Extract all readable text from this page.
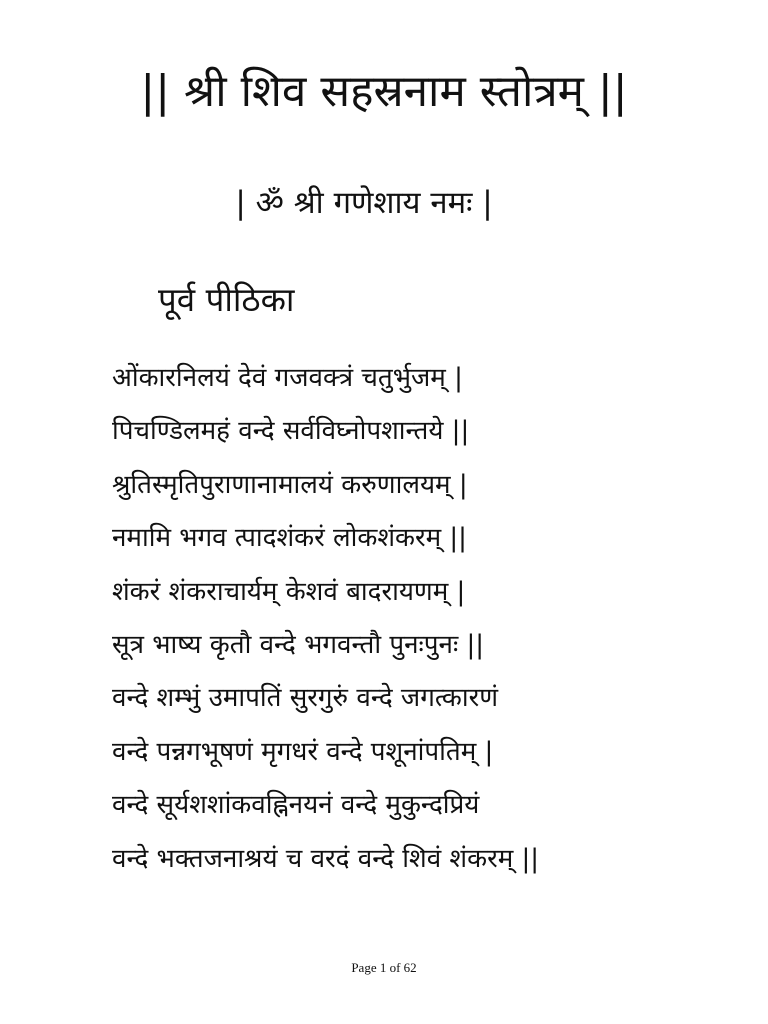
|| श्री शिव सहस्रनाम स्तोत्रम् ||
| ॐ श्री गणेशाय नमः |
पूर्व पीठिका
ओंकारनिलयं देवं गजवक्त्रं चतुर्भुजम् |
पिचण्डिलमहं वन्दे सर्वविघ्नोपशान्तये ||
श्रुतिस्मृतिपुराणानामालयं करुणालयम् |
नमामि भगव त्पादशंकरं लोकशंकरम् ||
शंकरं शंकराचार्यम् केशवं बादरायणम् |
सूत्र भाष्य कृतौ वन्दे भगवन्तौ पुनःपुनः ||
वन्दे शम्भुं उमापतिं सुरगुरुं वन्दे जगत्कारणं
वन्दे पन्नगभूषणं मृगधरं वन्दे पशूनांपतिम् |
वन्दे सूर्यशशांकवह्निनयनं वन्दे मुकुन्दप्रियं
वन्दे भक्तजनाश्रयं च वरदं वन्दे शिवं शंकरम् ||
Page 1 of 62
